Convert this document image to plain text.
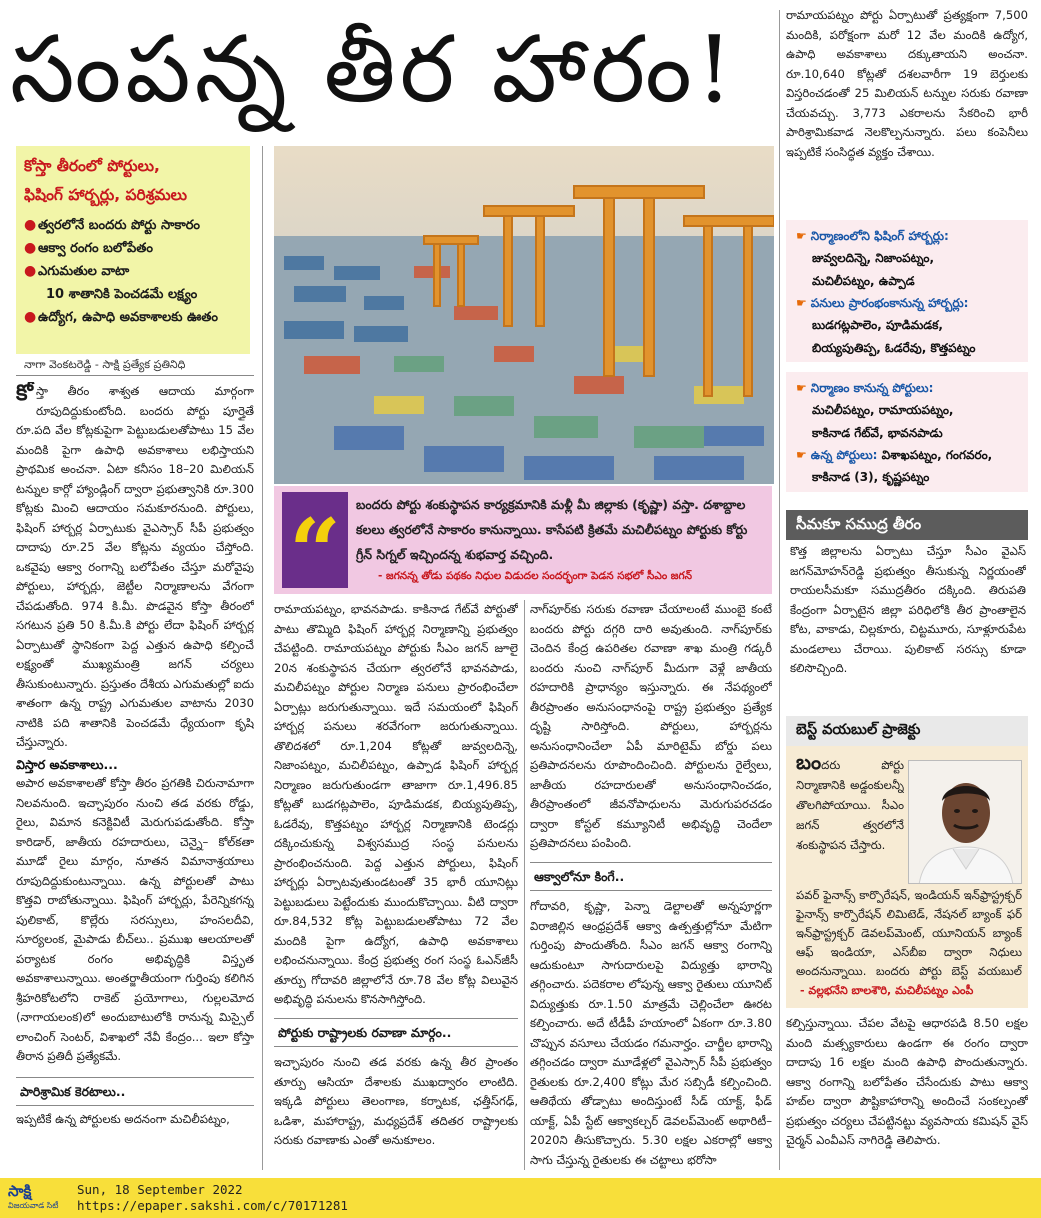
సంపన్న తీర హారం!
కోస్తా తీరంలో పోర్టులు,
ఫిషింగ్ హార్బర్లు, పరిశ్రమలు
● త్వరలోనే బందరు పోర్టు సాకారం
● ఆక్వా రంగం బలోపేతం
● ఎగుమతుల వాటా
10 శాతానికి పెంచడమే లక్ష్యం
● ఉద్యోగ, ఉపాధి అవకాశాలకు ఊతం
నాగా వెంకటరెడ్డి - సాక్షి ప్రత్యేక ప్రతినిధి

కోస్తా తీరం శాశ్వత ఆదాయ మార్గంగా రూపుదిద్దుకుంటోంది. బందరు పోర్టు పూర్తైతే రూ.పది వేల కోట్లకుపైగా పెట్టుబడులతోపాటు 15 వేల మందికి పైగా ఉపాధి అవకాశాలు లభిస్తాయని ప్రాథమిక అంచనా. ఏటా కనీసం 18–20 మిలియన్ టన్నుల కార్గో హ్యాండ్లింగ్ ద్వారా ప్రభుత్వానికి రూ.300 కోట్లకు మించి ఆదాయం సమకూరనుంది. పోర్టులు, ఫిషింగ్ హార్బర్ల ఏర్పాటుకు వైఎస్సార్ సీపీ ప్రభుత్వం దాదాపు రూ.25 వేల కోట్లను వ్యయం చేస్తోంది. ఒకవైపు ఆక్వా రంగాన్ని బలోపేతం చేస్తూ మరోవైపు పోర్టులు, హార్బర్లు, జెట్టీల నిర్మాణాలను వేగంగా చేపడుతోంది. 974 కి.మీ. పొడవైన కోస్తా తీరంలో సగటున ప్రతి 50 కి.మీ.కి పోర్టు లేదా ఫిషింగ్ హార్బర్ల ఏర్పాటుతో స్థానికంగా పెద్ద ఎత్తున ఉపాధి కల్పించే లక్ష్యంతో ముఖ్యమంత్రి జగన్ చర్యలు తీసుకుంటున్నారు. ప్రస్తుతం దేశీయ ఎగుమతుల్లో ఐదు శాతంగా ఉన్న రాష్ట్ర ఎగుమతుల వాటాను 2030 నాటికి పది శాతానికి పెంచడమే ధ్యేయంగా కృషి చేస్తున్నారు.

విస్తార అవకాశాలు...

అపార అవకాశాలతో కోస్తా తీరం ప్రగతికి చిరునామాగా నిలవనుంది. ఇచ్ఛాపురం నుంచి తడ వరకు రోడ్డు, రైలు, విమాన కనెక్టివిటీ మెరుగుపడుతోంది. కోస్తా కారిడార్, జాతీయ రహదారులు, చెన్నై– కోల్‌కతా మూడో రైలు మార్గం, నూతన విమానాశ్రయాలు రూపుదిద్దుకుంటున్నాయి. ఉన్న పోర్టులతో పాటు కొత్తవి రాబోతున్నాయి. ఫిషింగ్ హార్బర్లు, పేరెన్నికగన్న పులికాట్, కొల్లేరు సరస్సులు, హంసలదీవి, సూర్యలంక, మైపాడు బీచ్‌లు.. ప్రముఖ ఆలయాలతో పర్యాటక రంగం అభివృద్ధికి విస్తృత అవకాశాలున్నాయి. అంతర్జాతీయంగా గుర్తింపు కలిగిన శ్రీహరికోటలోని రాకెట్ ప్రయోగాలు, గుల్లలమోద (నాగాయలంక)లో అందుబాటులోకి రానున్న మిస్సైల్ లాంచింగ్ సెంటర్, విశాఖలో నేవీ కేంద్రం... ఇలా కోస్తా తీరాన ప్రతిదీ ప్రత్యేకమే.

పారిశ్రామిక కెరటాలు..

ఇప్పటికే ఉన్న పోర్టులకు అదనంగా మచిలీపట్నం,

“	బందరు పోర్టు శంకుస్థాపన కార్యక్రమానికి మళ్లీ మీ జిల్లాకు (కృష్ణా) వస్తా. దశాబ్దాల కలలు త్వరలోనే సాకారం కానున్నాయి. కాసేపటి క్రితమే మచిలీపట్నం పోర్టుకు కోర్టు గ్రీన్ సిగ్నల్ ఇచ్చిందన్న శుభవార్త వచ్చింది.
- జగనన్న తోడు పథకం నిధుల విడుదల సందర్భంగా పెడన సభలో సీఎం జగన్

రామాయపట్నం, భావనపాడు. కాకినాడ గేట్‌వే పోర్టుతో పాటు తొమ్మిది ఫిషింగ్ హార్బర్ల నిర్మాణాన్ని ప్రభుత్వం చేపట్టింది. రామాయపట్నం పోర్టుకు సీఎం జగన్ జూలై 20న శంకుస్థాపన చేయగా త్వరలోనే భావనపాడు, మచిలీపట్నం పోర్టుల నిర్మాణ పనులు ప్రారంభించేలా ఏర్పాట్లు జరుగుతున్నాయి. ఇదే సమయంలో ఫిషింగ్ హార్బర్ల పనులు శరవేగంగా జరుగుతున్నాయి. తొలిదశలో రూ.1,204 కోట్లతో జువ్వలదిన్నె, నిజాంపట్నం, మచిలీపట్నం, ఉప్పాడ ఫిషింగ్ హార్బర్ల నిర్మాణం జరుగుతుండగా తాజాగా రూ.1,496.85 కోట్లతో బుడగట్లపాలెం, పూడిమడక, బియ్యపుతిప్ప, ఓడరేవు, కొత్తపట్నం హార్బర్ల నిర్మాణానికి టెండర్లు దక్కించుకున్న విశ్వసముద్ర సంస్థ పనులను ప్రారంభించనుంది. పెద్ద ఎత్తున పోర్టులు, ఫిషింగ్ హార్బర్లు ఏర్పాటవుతుండటంతో 35 భారీ యూనిట్లు పెట్టుబడులు పెట్టేందుకు ముందుకొచ్చాయి. వీటి ద్వారా రూ.84,532 కోట్ల పెట్టుబడులతోపాటు 72 వేల మందికి పైగా ఉద్యోగ, ఉపాధి అవకాశాలు లభించనున్నాయి. కేంద్ర ప్రభుత్వ రంగ సంస్థ ఓఎన్‌జీసీ తూర్పు గోదావరి జిల్లాలోనే రూ.78 వేల కోట్ల విలువైన అభివృద్ధి పనులను కొనసాగిస్తోంది.

పోర్టుకు రాష్ట్రాలకు రవాణా మార్గం..

ఇచ్ఛాపురం నుంచి తడ వరకు ఉన్న తీర ప్రాంతం తూర్పు ఆసియా దేశాలకు ముఖద్వారం లాంటిది. ఇక్కడి పోర్టులు తెలంగాణ, కర్నాటక, ఛత్తీస్‌గఢ్, ఒడిశా, మహారాష్ట్ర, మధ్యప్రదేశ్ తదితర రాష్ట్రాలకు సరుకు రవాణాకు ఎంతో అనుకూలం.

నాగ్‌పూర్‌కు సరుకు రవాణా చేయాలంటే ముంబై కంటే బందరు పోర్టు దగ్గరి దారి అవుతుంది. నాగ్‌పూర్‌కు చెందిన కేంద్ర ఉపరితల రవాణా శాఖ మంత్రి గడ్కరీ బందరు నుంచి నాగ్‌పూర్ మీదుగా వెళ్లే జాతీయ రహదారికి ప్రాధాన్యం ఇస్తున్నారు. ఈ నేపథ్యంలో తీరప్రాంతం అనుసంధానంపై రాష్ట్ర ప్రభుత్వం ప్రత్యేక దృష్టి సారిస్తోంది. పోర్టులు, హార్బర్లను అనుసంధానించేలా ఏపీ మారిటైమ్ బోర్డు పలు ప్రతిపాదనలను రూపొందించింది. పోర్టులను రైల్వేలు, జాతీయ రహదారులతో అనుసంధానించడం, తీరప్రాంతంలో జీవనోపాధులను మెరుగుపరచడం ద్వారా కోస్టల్ కమ్యూనిటీ అభివృద్ధి చెందేలా ప్రతిపాదనలు పంపింది.

ఆక్వాలోనూ కింగే..

గోదావరి, కృష్ణా, పెన్నా డెల్టాలతో అన్నపూర్ణగా విరాజిల్లిన ఆంధ్రప్రదేశ్ ఆక్వా ఉత్పత్తుల్లోనూ మేటిగా గుర్తింపు పొందుతోంది. సీఎం జగన్ ఆక్వా రంగాన్ని ఆదుకుంటూ సాగుదారులపై విద్యుత్తు భారాన్ని తగ్గించారు. పదెకరాల లోపున్న ఆక్వా రైతులు యూనిట్ విద్యుత్తుకు రూ.1.50 మాత్రమే చెల్లించేలా ఊరట కల్పించారు. అదే టీడీపీ హయాంలో ఏకంగా రూ.3.80 చొప్పున వసూలు చేయడం గమనార్హం. చార్జీల భారాన్ని తగ్గించడం ద్వారా మూడేళ్లలో వైఎస్సార్ సీపీ ప్రభుత్వం రైతులకు రూ.2,400 కోట్లు మేర సబ్సిడీ కల్పించింది. ఆతిథేయ తోడ్పాటు అందిస్తుంటే సీడ్ యాక్ట్, ఫీడ్ యాక్ట్, ఏపీ స్టేట్ ఆక్వాకల్చర్ డెవలప్‌మెంట్ అథారిటీ–2020ని తీసుకొచ్చారు. 5.30 లక్షల ఎకరాల్లో ఆక్వా సాగు చేస్తున్న రైతులకు ఈ చట్టాలు భరోసా

రామాయపట్నం పోర్టు ఏర్పాటుతో ప్రత్యక్షంగా 7,500 మందికి, పరోక్షంగా మరో 12 వేల మందికి ఉద్యోగ, ఉపాధి అవకాశాలు దక్కుతాయని అంచనా. రూ.10,640 కోట్లతో దశలవారీగా 19 బెర్తులకు విస్తరించడంతో 25 మిలియన్ టన్నుల సరుకు రవాణా చేయవచ్చు. 3,773 ఎకరాలను సేకరించి భారీ పారిశ్రామికవాడ నెలకొల్పనున్నారు. పలు కంపెనీలు ఇప్పటికే సంసిద్ధత వ్యక్తం చేశాయి.

☛ నిర్మాణంలోని ఫిషింగ్ హార్బర్లు:
జువ్వలదిన్నె, నిజాంపట్నం,
మచిలీపట్నం, ఉప్పాడ
☛ పనులు ప్రారంభంకానున్న హార్బర్లు:
బుడగట్లపాలెం, పూడిమడక,
బియ్యపుతిప్ప, ఓడరేవు, కొత్తపట్నం
☛ నిర్మాణం కానున్న పోర్టులు:
మచిలీపట్నం, రామాయపట్నం,
కాకినాడ గేట్‌వే, భావనపాడు
☛ ఉన్న పోర్టులు: విశాఖపట్నం, గంగవరం,
కాకినాడ (3), కృష్ణపట్నం
సీమకూ సముద్ర తీరం

కొత్త జిల్లాలను ఏర్పాటు చేస్తూ సీఎం వైఎస్ జగన్‌మోహన్‌రెడ్డి ప్రభుత్వం తీసుకున్న నిర్ణయంతో రాయలసీమకూ సముద్రతీరం దక్కింది. తిరుపతి కేంద్రంగా ఏర్పాటైన జిల్లా పరిధిలోకి తీర ప్రాంతాలైన కోట, వాకాడు, చిల్లకూరు, చిట్టమూరు, సూళ్లూరుపేట మండలాలు చేరాయి. పులికాట్ సరస్సు కూడా కలిసొచ్చింది.

బెస్ట్ వయబుల్ ప్రాజెక్టు

బందరు పోర్టు నిర్మాణానికి అడ్డంకులన్నీ తొలగిపోయాయి. సీఎం జగన్ త్వరలోనే శంకుస్థాపన చేస్తారు.

పవర్ ఫైనాన్స్ కార్పొరేషన్, ఇండియన్ ఇన్‌ఫ్రాస్ట్రక్చర్ ఫైనాన్స్ కార్పొరేషన్ లిమిటెడ్, నేషనల్ బ్యాంక్ ఫర్ ఇన్‌ఫ్రాస్ట్రక్చర్ డెవలప్‌మెంట్, యూనియన్ బ్యాంక్ ఆఫ్ ఇండియా, ఎస్‌బీఐ ద్వారా నిధులు అందనున్నాయి. బందరు పోర్టు బెస్ట్ వయబుల్

- వల్లభనేని బాలశౌరి, మచిలీపట్నం ఎంపీ

కల్పిస్తున్నాయి. చేపల వేటపై ఆధారపడి 8.50 లక్షల మంది మత్స్యకారులు ఉండగా ఈ రంగం ద్వారా దాదాపు 16 లక్షల మంది ఉపాధి పొందుతున్నారు. ఆక్వా రంగాన్ని బలోపేతం చేసేందుకు పాటు ఆక్వా హబ్‌ల ద్వారా పౌష్టికాహారాన్ని అందించే సంకల్పంతో ప్రభుత్వం చర్యలు చేపట్టినట్టు వ్యవసాయ కమిషన్ వైస్ చైర్మన్ ఎంవీఎస్ నాగిరెడ్డి తెలిపారు.

సాక్షి
విజయవాడ సిటీ
Sun, 18 September 2022
https://epaper.sakshi.com/c/70171281
